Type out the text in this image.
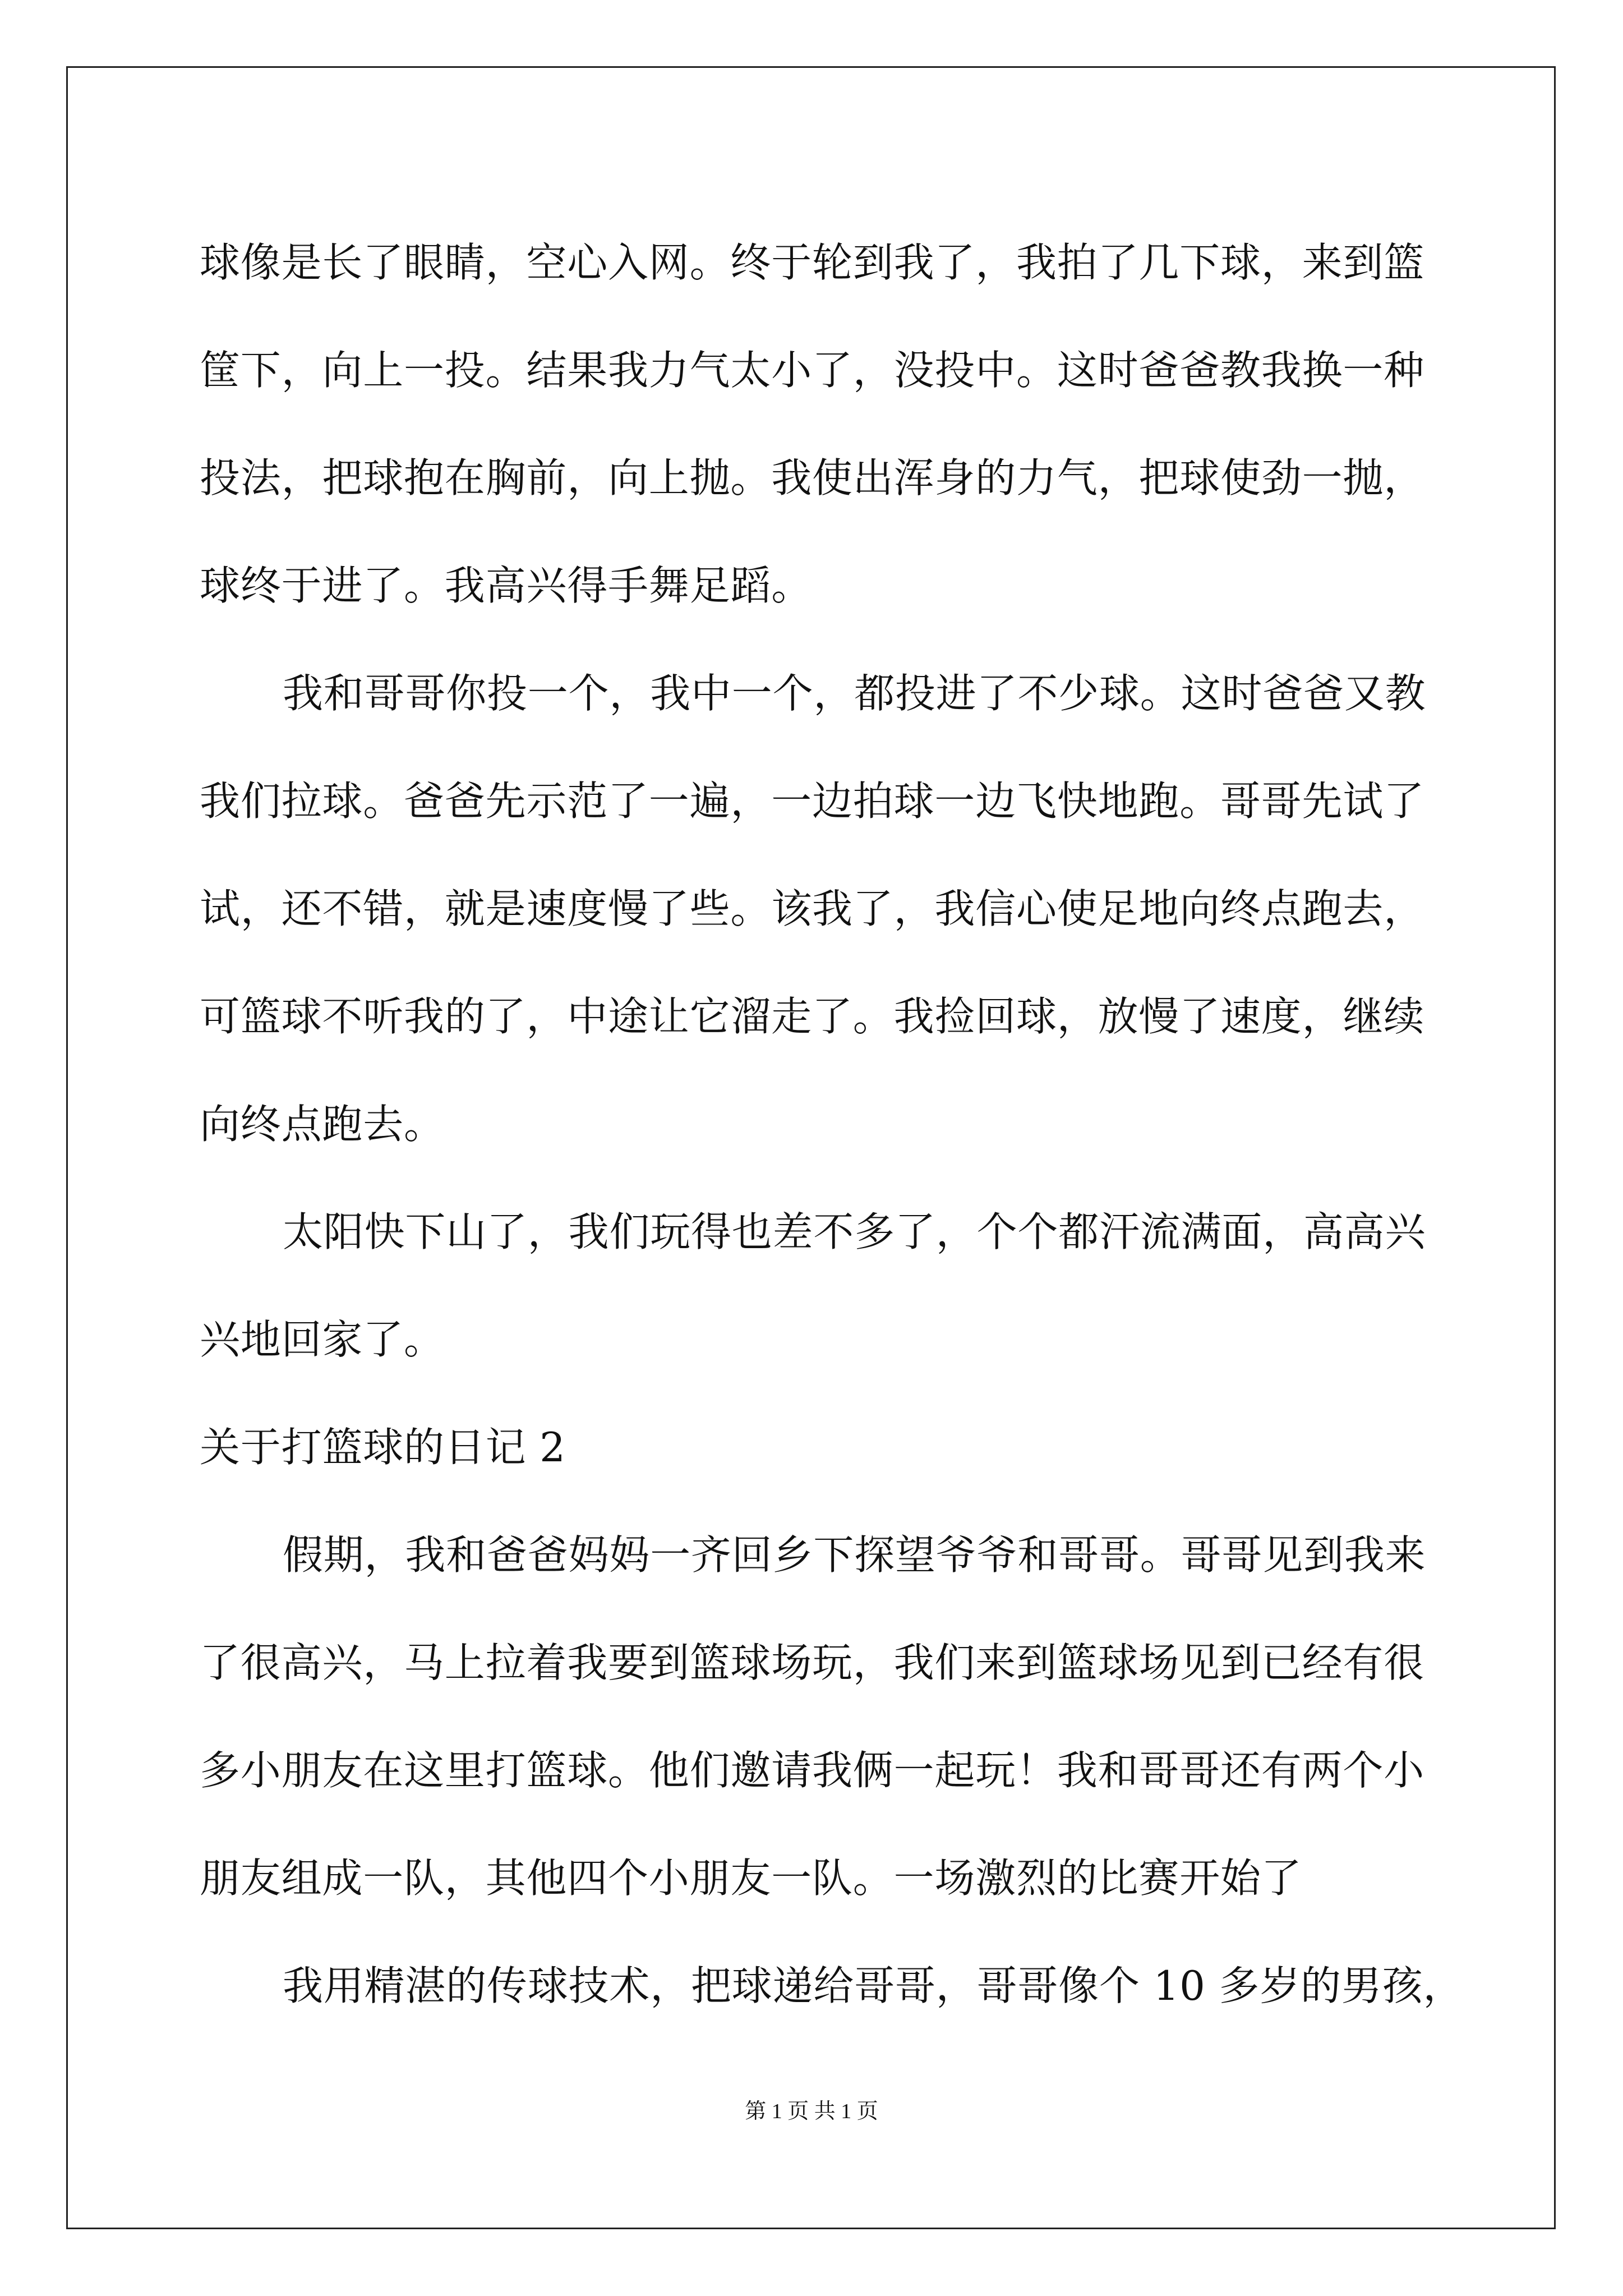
球像是长了眼睛，空心入网。终于轮到我了，我拍了几下球，来到篮
筐下，向上一投。结果我力气太小了，没投中。这时爸爸教我换一种
投法，把球抱在胸前，向上抛。我使出浑身的力气，把球使劲一抛，
球终于进了。我高兴得手舞足蹈。
我和哥哥你投一个，我中一个，都投进了不少球。这时爸爸又教
我们拉球。爸爸先示范了一遍，一边拍球一边飞快地跑。哥哥先试了
试，还不错，就是速度慢了些。该我了，我信心使足地向终点跑去，
可篮球不听我的了，中途让它溜走了。我捡回球，放慢了速度，继续
向终点跑去。
太阳快下山了，我们玩得也差不多了，个个都汗流满面，高高兴
兴地回家了。
关于打篮球的日记 2
假期，我和爸爸妈妈一齐回乡下探望爷爷和哥哥。哥哥见到我来
了很高兴，马上拉着我要到篮球场玩，我们来到篮球场见到已经有很
多小朋友在这里打篮球。他们邀请我俩一起玩！我和哥哥还有两个小
朋友组成一队，其他四个小朋友一队。一场激烈的比赛开始了
我用精湛的传球技术，把球递给哥哥，哥哥像个 10 多岁的男孩，
第 1 页 共 1 页
